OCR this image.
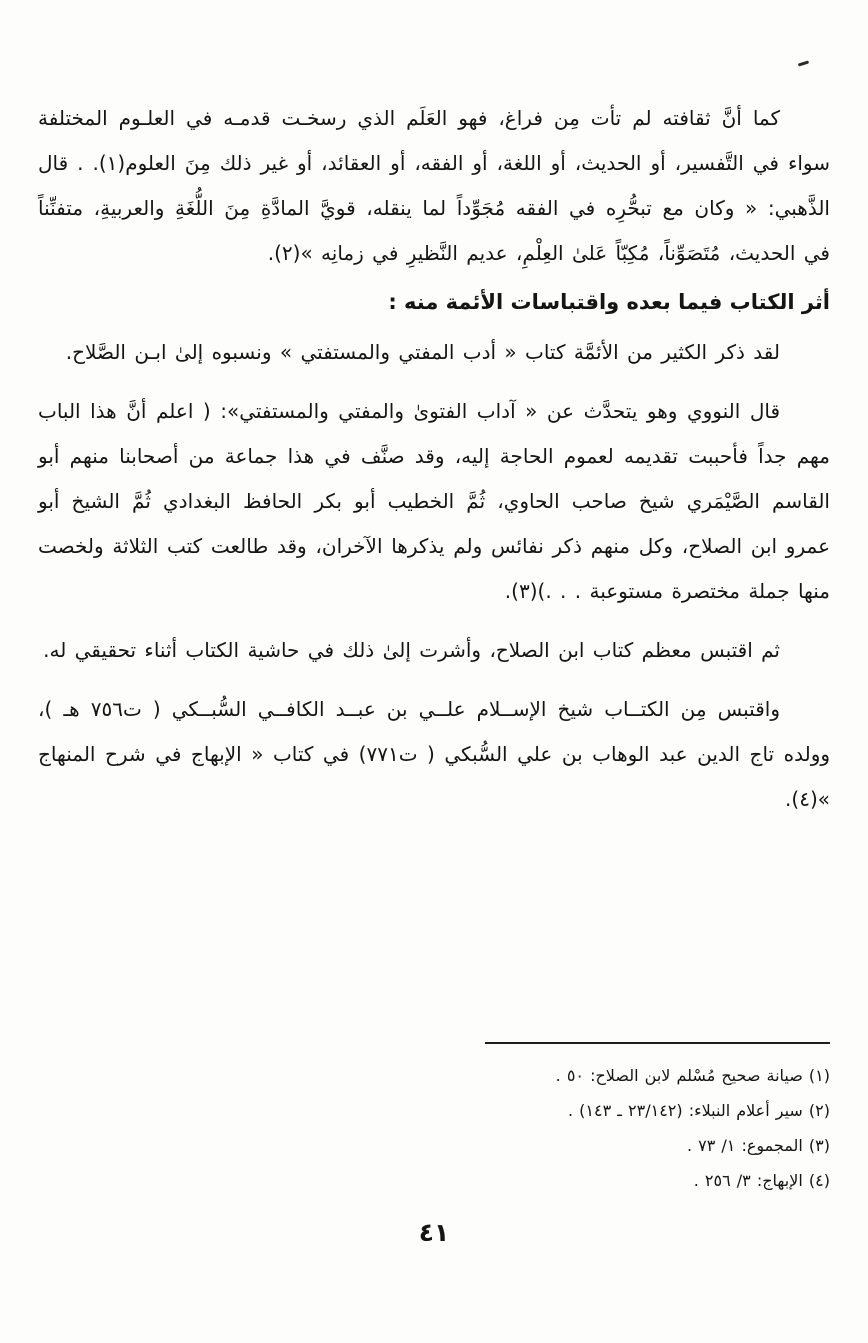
كما أنَّ ثقافته لم تأت مِن فراغ، فهو العَلَم الذي رسخـت قدمـه في العلـوم المختلفة سواء في التَّفسير، أو الحديث، أو اللغة، أو الفقه، أو العقائد، أو غير ذلك مِنَ العلوم(١). . قال الذَّهبي: « وكان مع تبحُّرِه في الفقه مُجَوِّداً لما ينقله، قويَّ المادَّةِ مِنَ اللُّغَةِ والعربيةِ، متفنِّناً في الحديث، مُتَصَوِّناً، مُكِبّاً عَلىٰ العِلْمِ، عديم النَّظيرِ في زمانِه »(٢).

أثر الكتاب فيما بعده واقتباسات الأئمة منه :

لقد ذكر الكثير من الأئمَّة كتاب « أدب المفتي والمستفتي » ونسبوه إلىٰ ابـن الصَّلاح.

قال النووي وهو يتحدَّث عن « آداب الفتوىٰ والمفتي والمستفتي»: ( اعلم أنَّ هذا الباب مهم جداً فأحببت تقديمه لعموم الحاجة إليه، وقد صنَّف في هذا جماعة من أصحابنا منهم أبو القاسم الصَّيْمَري شيخ صاحب الحاوي، ثُمَّ الخطيب أبو بكر الحافظ البغدادي ثُمَّ الشيخ أبو عمرو ابن الصلاح، وكل منهم ذكر نفائس ولم يذكرها الآخران، وقد طالعت كتب الثلاثة ولخصت منها جملة مختصرة مستوعبة . . .)(٣).

ثم اقتبس معظم كتاب ابن الصلاح، وأشرت إلىٰ ذلك في حاشية الكتاب أثناء تحقيقي له.

واقتبس مِن الكتــاب شيخ الإســلام علــي بن عبــد الكافــي السُّبــكي ( ت٧٥٦ هـ )، وولده تاج الدين عبد الوهاب بن علي السُّبكي ( ت٧٧١) في كتاب « الإبهاج في شرح المنهاج »(٤).

(١) صيانة صحيح مُسْلم لابن الصلاح: ٥٠ .

(٢) سير أعلام النبلاء: (٢٣/١٤٢ ـ ١٤٣) .

(٣) المجموع: ١/ ٧٣ .

(٤) الإبهاج: ٣/ ٢٥٦ .

٤١
